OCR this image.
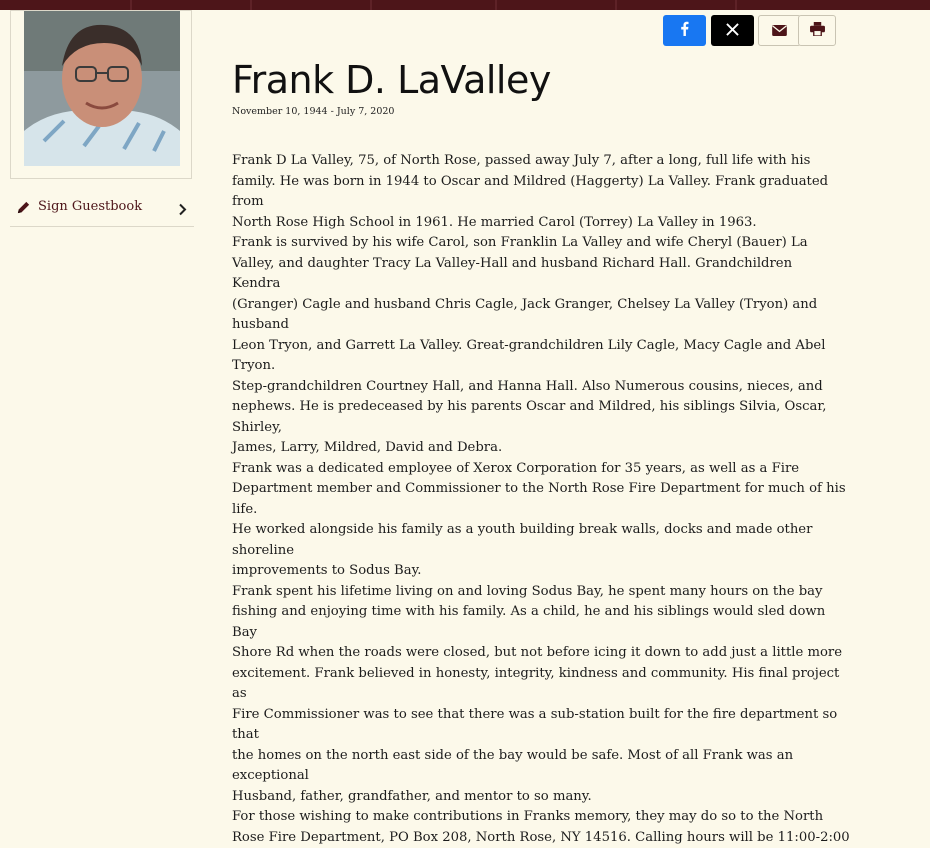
Sign Guestbook
Frank D. LaValley
November 10, 1944 - July 7, 2020
Frank D La Valley, 75, of North Rose, passed away July 7, after a long, full life with his
family. He was born in 1944 to Oscar and Mildred (Haggerty) La Valley. Frank graduated
from
North Rose High School in 1961. He married Carol (Torrey) La Valley in 1963.
Frank is survived by his wife Carol, son Franklin La Valley and wife Cheryl (Bauer) La
Valley, and daughter Tracy La Valley-Hall and husband Richard Hall. Grandchildren
Kendra
(Granger) Cagle and husband Chris Cagle, Jack Granger, Chelsey La Valley (Tryon) and
husband
Leon Tryon, and Garrett La Valley. Great-grandchildren Lily Cagle, Macy Cagle and Abel
Tryon.
Step-grandchildren Courtney Hall, and Hanna Hall. Also Numerous cousins, nieces, and
nephews. He is predeceased by his parents Oscar and Mildred, his siblings Silvia, Oscar,
Shirley,
James, Larry, Mildred, David and Debra.
Frank was a dedicated employee of Xerox Corporation for 35 years, as well as a Fire
Department member and Commissioner to the North Rose Fire Department for much of his
life.
He worked alongside his family as a youth building break walls, docks and made other
shoreline
improvements to Sodus Bay.
Frank spent his lifetime living on and loving Sodus Bay, he spent many hours on the bay
fishing and enjoying time with his family. As a child, he and his siblings would sled down
Bay
Shore Rd when the roads were closed, but not before icing it down to add just a little more
excitement. Frank believed in honesty, integrity, kindness and community. His final project
as
Fire Commissioner was to see that there was a sub-station built for the fire department so
that
the homes on the north east side of the bay would be safe. Most of all Frank was an
exceptional
Husband, father, grandfather, and mentor to so many.
For those wishing to make contributions in Franks memory, they may do so to the North
Rose Fire Department, PO Box 208, North Rose, NY 14516. Calling hours will be 11:00-2:00
